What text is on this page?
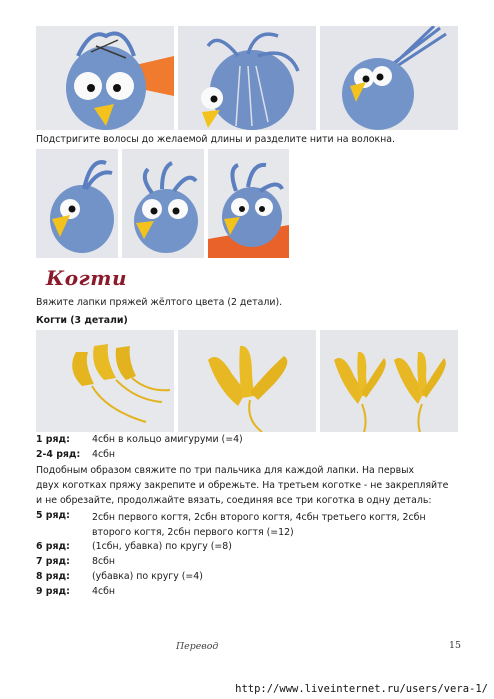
Подстригите волосы до желаемой длины и разделите нити на волокна.
Когти
Вяжите лапки пряжей жёлтого цвета (2 детали).
Когти (3 детали)
1 ряд: 4сбн в кольцо амигуруми (=4)
2-4 ряд: 4сбн
Подобным образом свяжите по три пальчика для каждой лапки. На первых
двух коготках пряжу закрепите и обрежьте. На третьем коготке - не закрепляйте
и не обрезайте, продолжайте вязать, соединяя все три коготка в одну деталь:
5 ряд: 2сбн первого когтя, 2сбн второго когтя, 4сбн третьего когтя, 2сбн
второго когтя, 2сбн первого когтя (=12)
6 ряд: (1сбн, убавка) по кругу (=8)
7 ряд: 8сбн
8 ряд: (убавка) по кругу (=4)
9 ряд: 4сбн
Перевод	15
http://www.liveinternet.ru/users/vera-1/
